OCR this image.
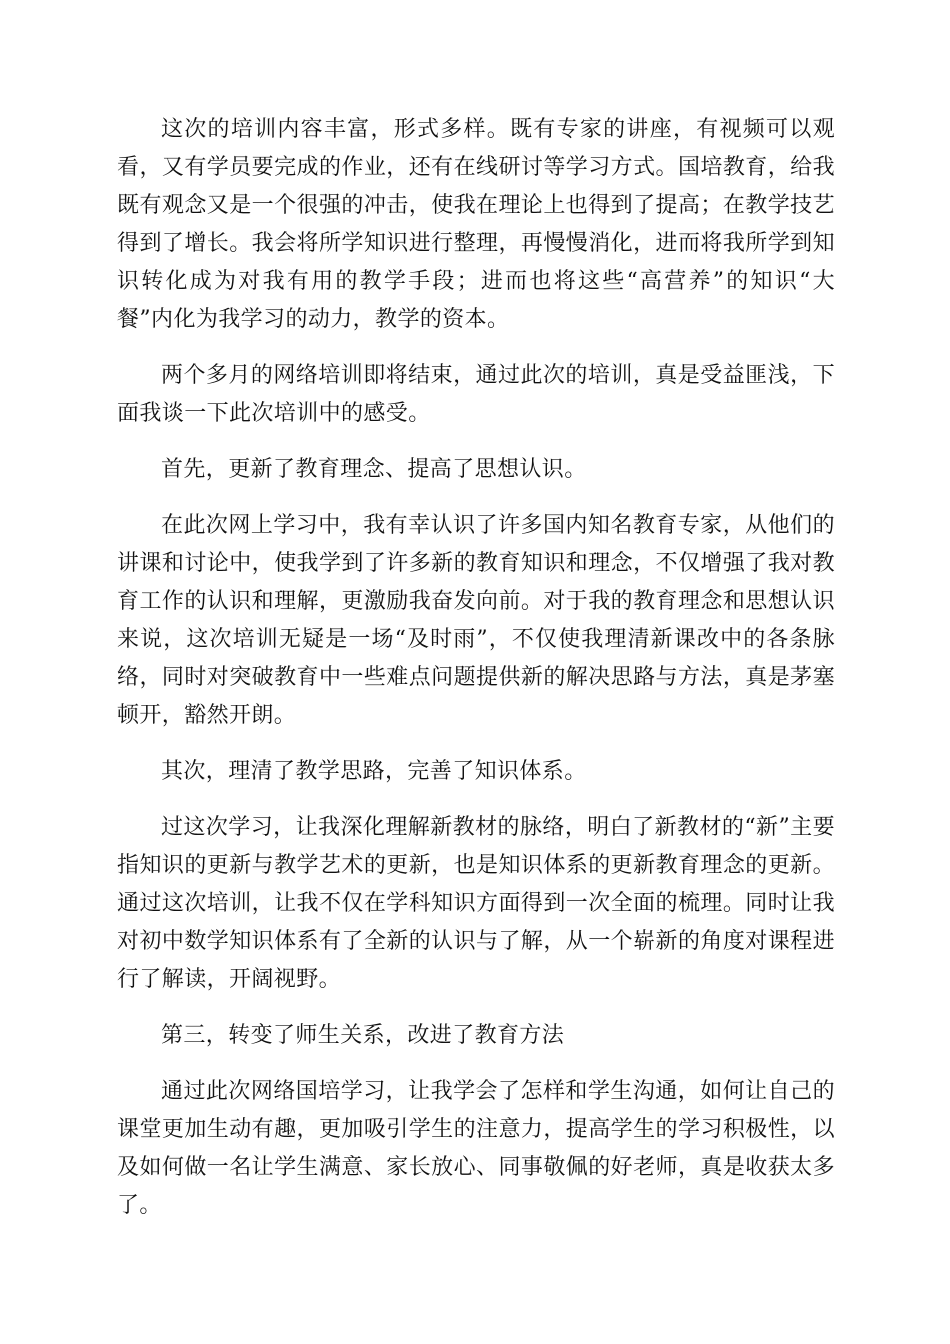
这次的培训内容丰富，形式多样。既有专家的讲座，有视频可以观看，又有学员要完成的作业，还有在线研讨等学习方式。国培教育，给我既有观念又是一个很强的冲击，使我在理论上也得到了提高；在教学技艺得到了增长。我会将所学知识进行整理，再慢慢消化，进而将我所学到知识转化成为对我有用的教学手段；进而也将这些“高营养”的知识“大餐”内化为我学习的动力，教学的资本。

两个多月的网络培训即将结束，通过此次的培训，真是受益匪浅，下面我谈一下此次培训中的感受。

首先，更新了教育理念、提高了思想认识。

在此次网上学习中，我有幸认识了许多国内知名教育专家，从他们的讲课和讨论中，使我学到了许多新的教育知识和理念，不仅增强了我对教育工作的认识和理解，更激励我奋发向前。对于我的教育理念和思想认识来说，这次培训无疑是一场“及时雨”，不仅使我理清新课改中的各条脉络，同时对突破教育中一些难点问题提供新的解决思路与方法，真是茅塞顿开，豁然开朗。

其次，理清了教学思路，完善了知识体系。

过这次学习，让我深化理解新教材的脉络，明白了新教材的“新”主要指知识的更新与教学艺术的更新，也是知识体系的更新教育理念的更新。通过这次培训，让我不仅在学科知识方面得到一次全面的梳理。同时让我对初中数学知识体系有了全新的认识与了解，从一个崭新的角度对课程进行了解读，开阔视野。

第三，转变了师生关系，改进了教育方法

通过此次网络国培学习，让我学会了怎样和学生沟通，如何让自己的课堂更加生动有趣，更加吸引学生的注意力，提高学生的学习积极性，以及如何做一名让学生满意、家长放心、同事敬佩的好老师，真是收获太多了。
